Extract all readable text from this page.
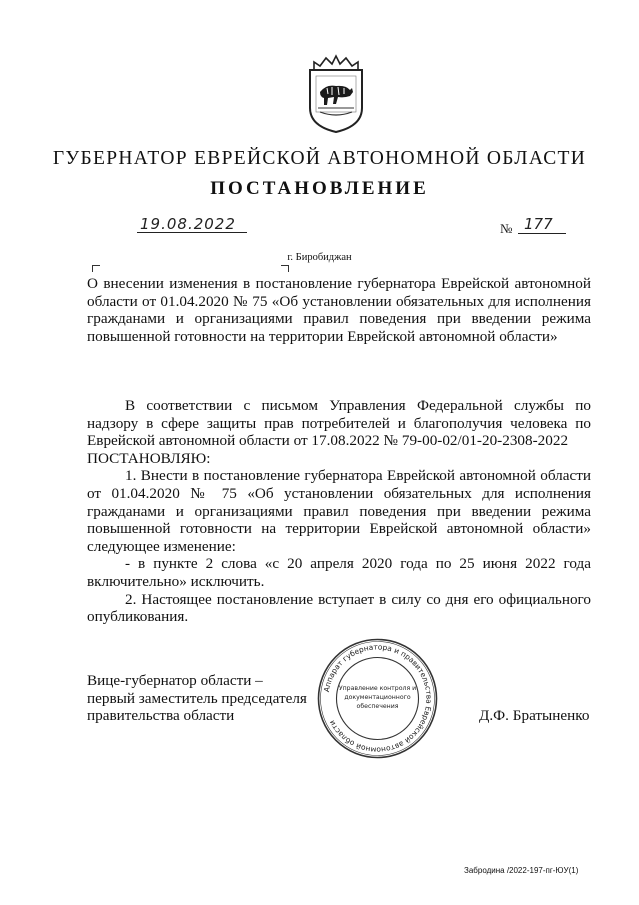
ГУБЕРНАТОР ЕВРЕЙСКОЙ АВТОНОМНОЙ ОБЛАСТИ
ПОСТАНОВЛЕНИЕ
19.08.2022	№ 177
г. Биробиджан
О внесении изменения в постановление губернатора Еврейской автономной области от 01.04.2020 № 75 «Об установлении обязательных для исполнения гражданами и организациями правил поведения при введении режима повышенной готовности на территории Еврейской автономной области»

В соответствии с письмом Управления Федеральной службы по надзору в сфере защиты прав потребителей и благополучия человека по Еврейской автономной области от 17.08.2022 № 79-00-02/01-20-2308-2022

ПОСТАНОВЛЯЮ:

1. Внести в постановление губернатора Еврейской автономной области от 01.04.2020 № 75 «Об установлении обязательных для исполнения гражданами и организациями правил поведения при введении режима повышенной готовности на территории Еврейской автономной области» следующее изменение:

- в пункте 2 слова «с 20 апреля 2020 года по 25 июня 2022 года включительно» исключить.

2. Настоящее постановление вступает в силу со дня его официального опубликования.

Вице-губернатор области –
первый заместитель председателя
правительства области
Аппарат губернатора и правительства Еврейской автономной области
Управление контроля и
документационного
обеспечения
Д.Ф. Братыненко
Забродина /2022-197-пг-ЮУ(1)
